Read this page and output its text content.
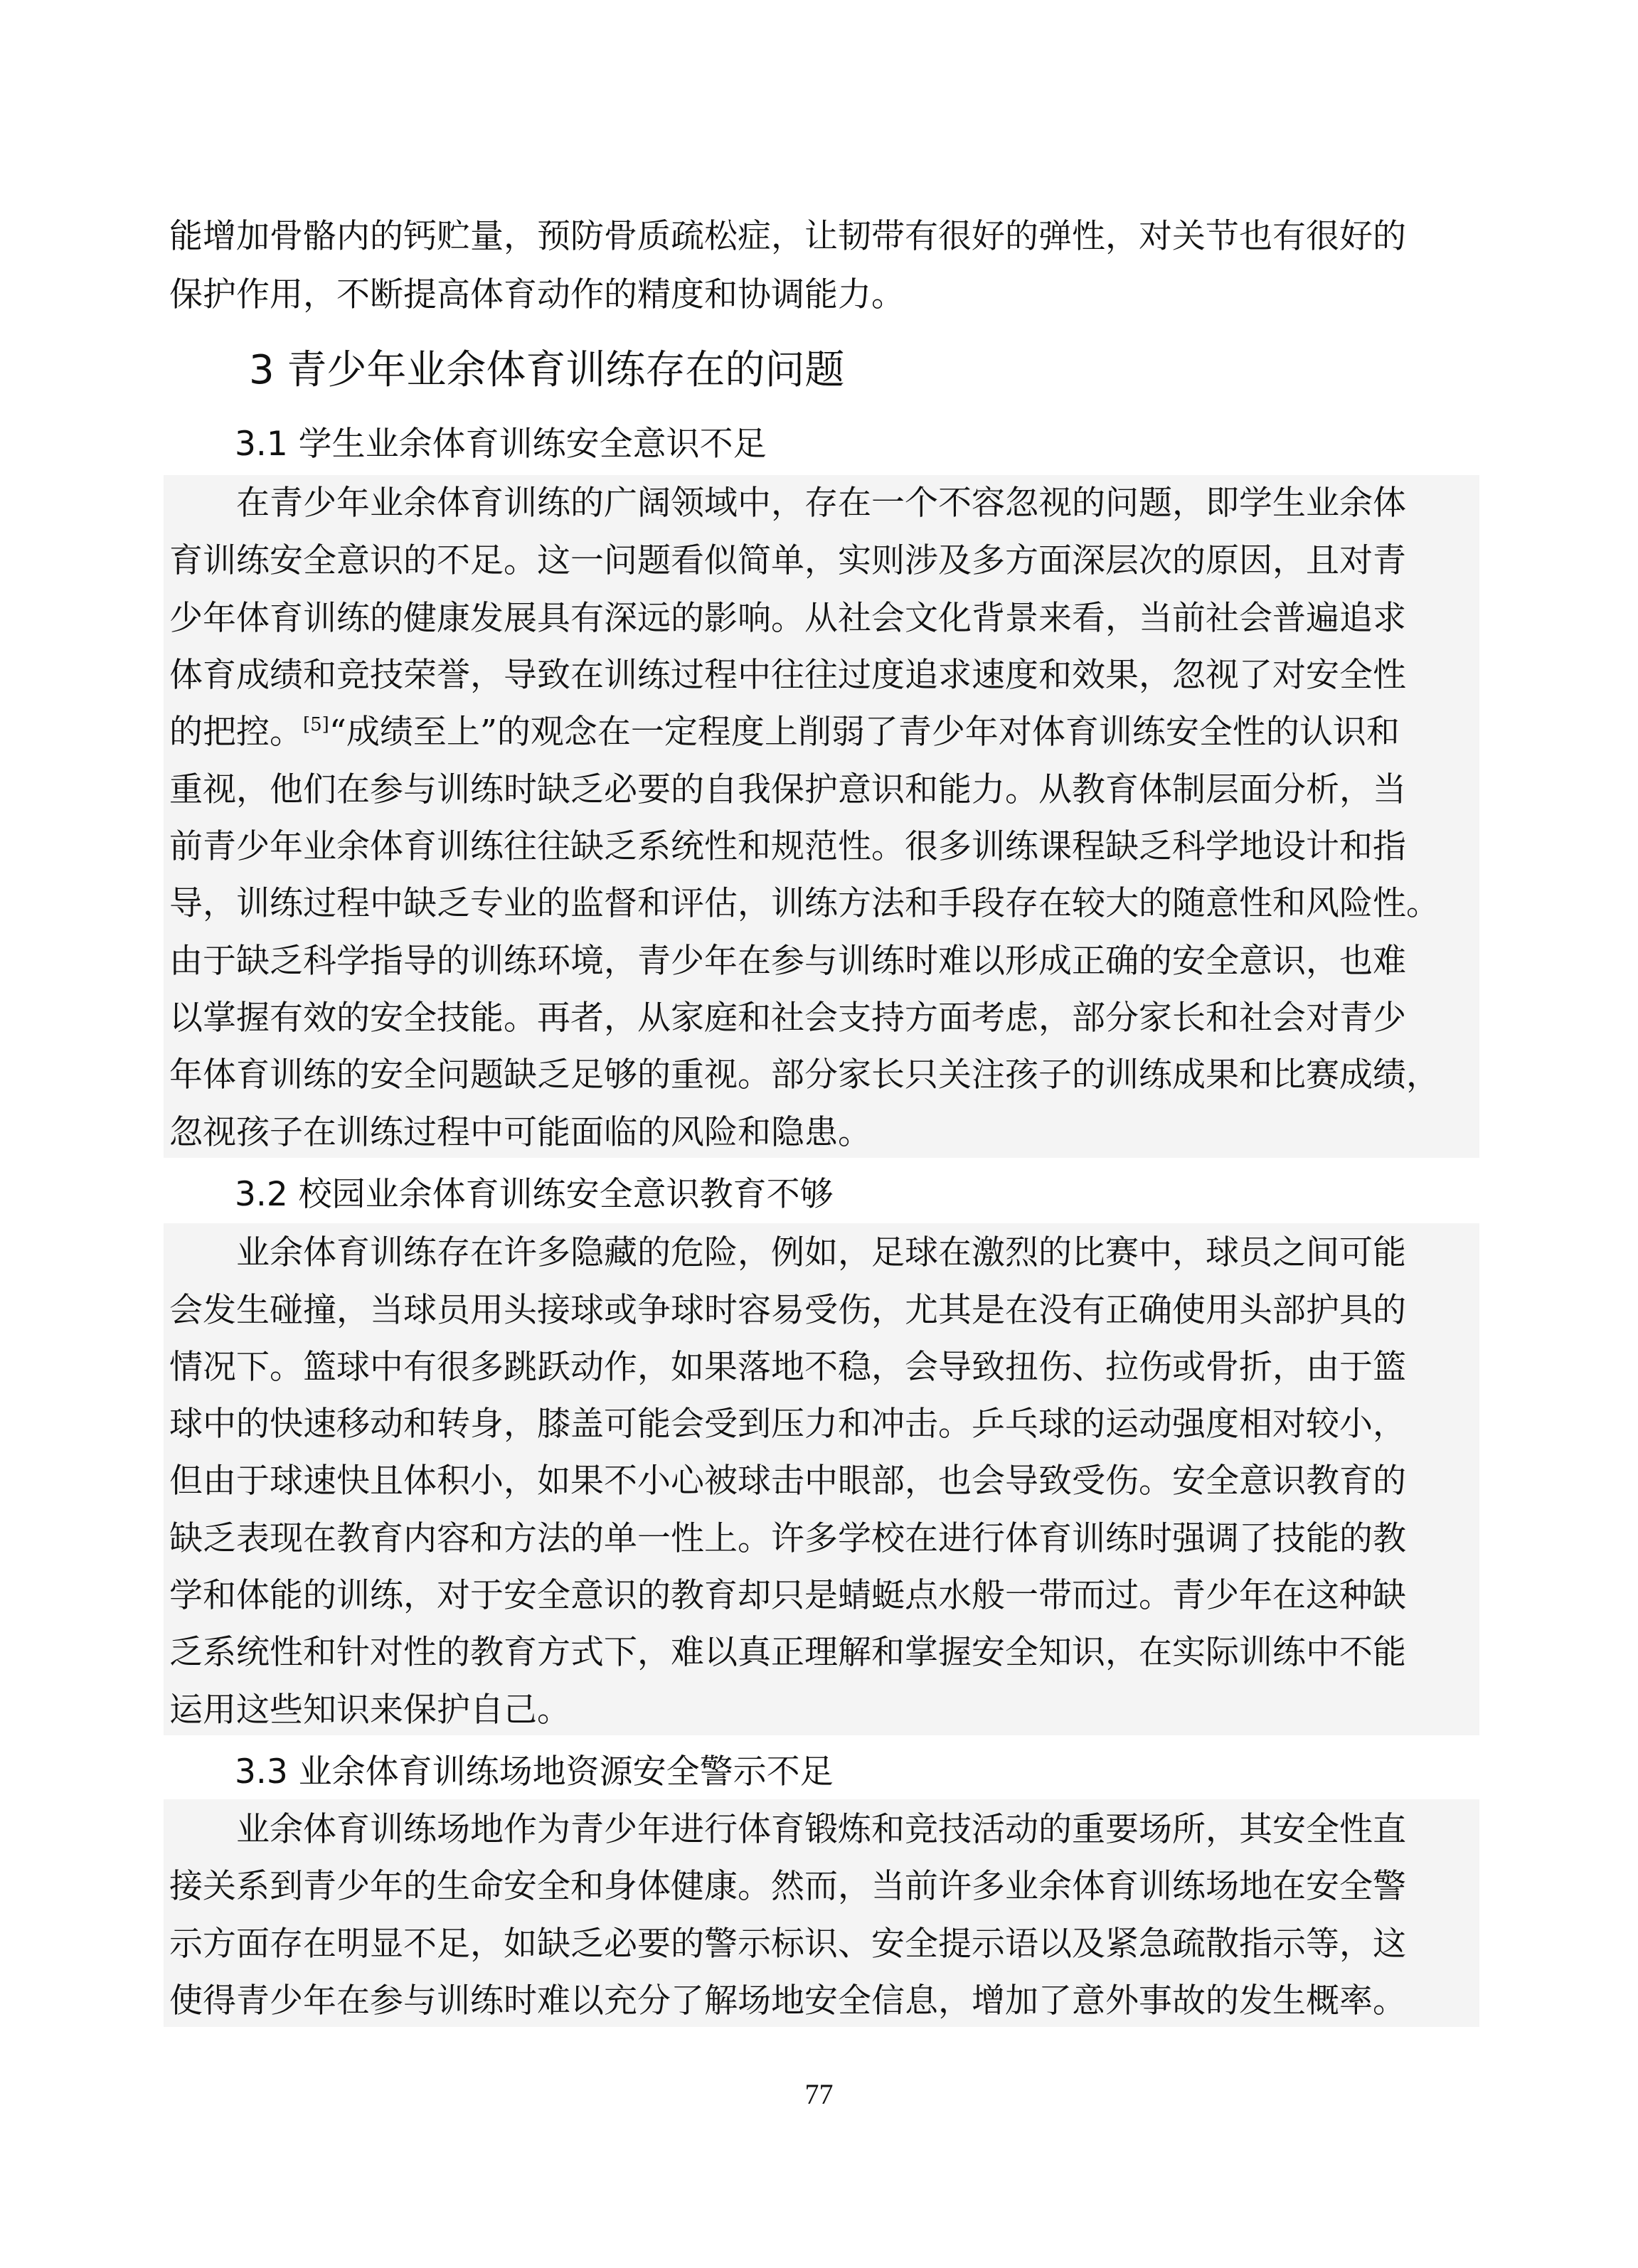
能增加骨骼内的钙贮量，预防骨质疏松症，让韧带有很好的弹性，对关节也有很好的
保护作用，不断提高体育动作的精度和协调能力。
3 青少年业余体育训练存在的问题
3.1 学生业余体育训练安全意识不足
　　在青少年业余体育训练的广阔领域中，存在一个不容忽视的问题，即学生业余体
育训练安全意识的不足。这一问题看似简单，实则涉及多方面深层次的原因，且对青
少年体育训练的健康发展具有深远的影响。从社会文化背景来看，当前社会普遍追求
体育成绩和竞技荣誉，导致在训练过程中往往过度追求速度和效果，忽视了对安全性
的把控。[5]“成绩至上”的观念在一定程度上削弱了青少年对体育训练安全性的认识和
重视，他们在参与训练时缺乏必要的自我保护意识和能力。从教育体制层面分析，当
前青少年业余体育训练往往缺乏系统性和规范性。很多训练课程缺乏科学地设计和指
导，训练过程中缺乏专业的监督和评估，训练方法和手段存在较大的随意性和风险性。
由于缺乏科学指导的训练环境，青少年在参与训练时难以形成正确的安全意识，也难
以掌握有效的安全技能。再者，从家庭和社会支持方面考虑，部分家长和社会对青少
年体育训练的安全问题缺乏足够的重视。部分家长只关注孩子的训练成果和比赛成绩，
忽视孩子在训练过程中可能面临的风险和隐患。
3.2 校园业余体育训练安全意识教育不够
　　业余体育训练存在许多隐藏的危险，例如，足球在激烈的比赛中，球员之间可能
会发生碰撞，当球员用头接球或争球时容易受伤，尤其是在没有正确使用头部护具的
情况下。篮球中有很多跳跃动作，如果落地不稳，会导致扭伤、拉伤或骨折，由于篮
球中的快速移动和转身，膝盖可能会受到压力和冲击。乒乓球的运动强度相对较小，
但由于球速快且体积小，如果不小心被球击中眼部，也会导致受伤。安全意识教育的
缺乏表现在教育内容和方法的单一性上。许多学校在进行体育训练时强调了技能的教
学和体能的训练，对于安全意识的教育却只是蜻蜓点水般一带而过。青少年在这种缺
乏系统性和针对性的教育方式下，难以真正理解和掌握安全知识，在实际训练中不能
运用这些知识来保护自己。
3.3 业余体育训练场地资源安全警示不足
　　业余体育训练场地作为青少年进行体育锻炼和竞技活动的重要场所，其安全性直
接关系到青少年的生命安全和身体健康。然而，当前许多业余体育训练场地在安全警
示方面存在明显不足，如缺乏必要的警示标识、安全提示语以及紧急疏散指示等，这
使得青少年在参与训练时难以充分了解场地安全信息，增加了意外事故的发生概率。
77
